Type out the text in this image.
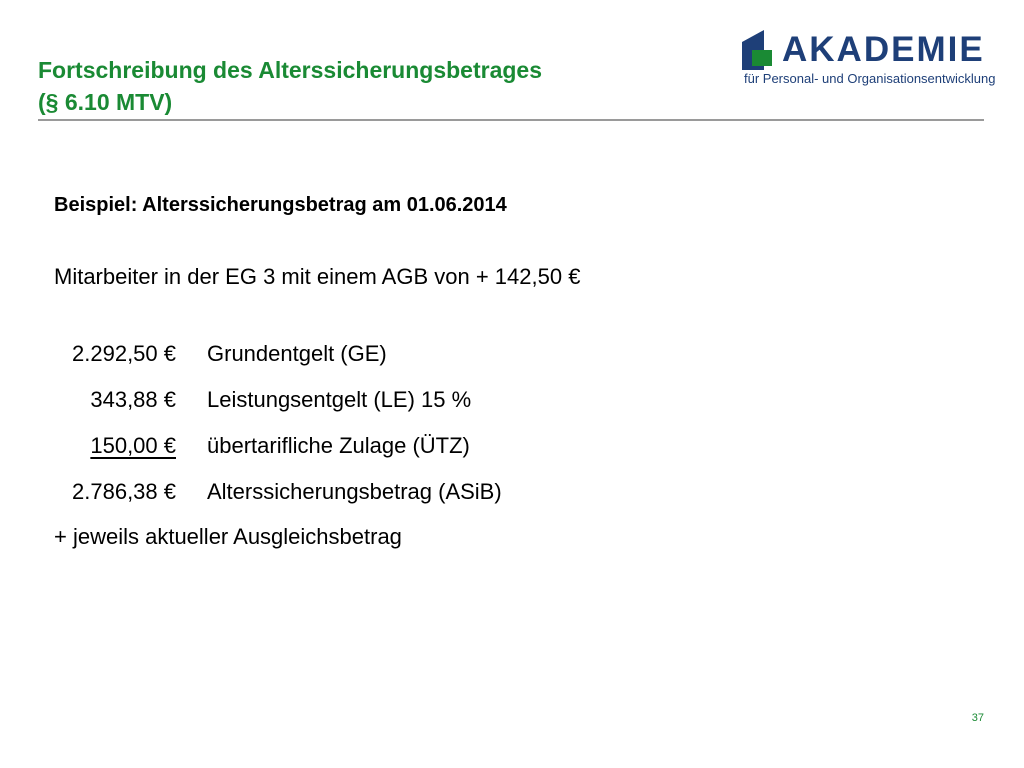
Fortschreibung des Alterssicherungsbetrages
(§ 6.10 MTV)
AKADEMIE
für Personal- und Organisationsentwicklung
Beispiel: Alterssicherungsbetrag am 01.06.2014
Mitarbeiter in der EG 3 mit einem AGB von + 142,50 €
2.292,50 € Grundentgelt (GE)
343,88 € Leistungsentgelt (LE) 15 %
150,00 € übertarifliche Zulage (ÜTZ)
2.786,38 € Alterssicherungsbetrag (ASiB)
+ jeweils aktueller Ausgleichsbetrag
37
